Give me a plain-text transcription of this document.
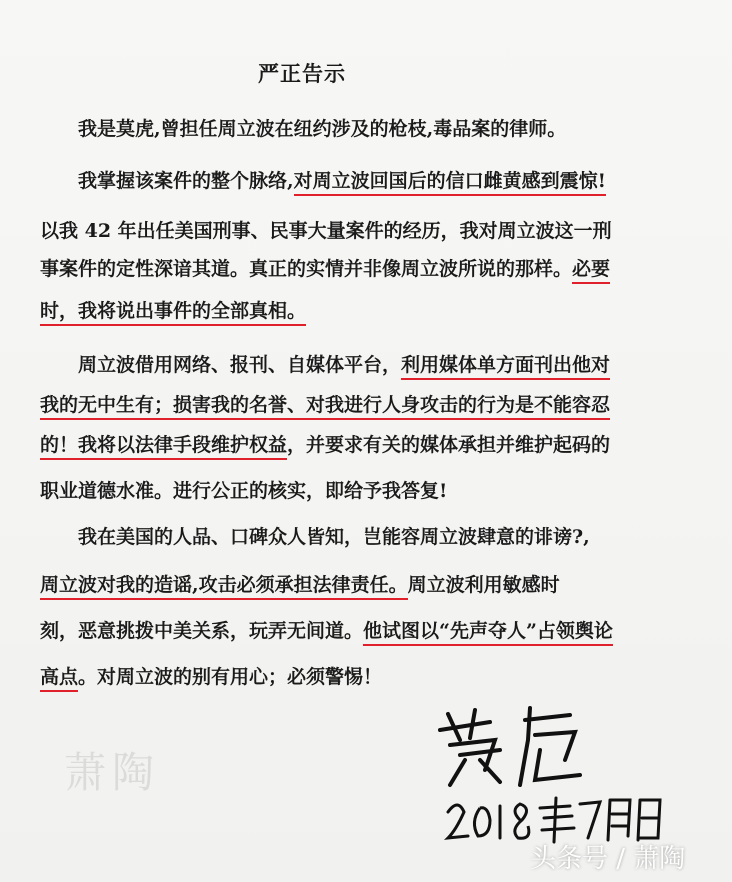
严正告示
我是莫虎,曾担任周立波在纽约涉及的枪枝,毒品案的律师。
我掌握该案件的整个脉络,对周立波回国后的信口雌黄感到震惊!
以我 42 年出任美国刑事、民事大量案件的经历，我对周立波这一刑
事案件的定性深谙其道。真正的实情并非像周立波所说的那样。必要
时，我将说出事件的全部真相。
周立波借用网络、报刊、自媒体平台，利用媒体单方面刊出他对
我的无中生有；损害我的名誉、对我进行人身攻击的行为是不能容忍
的！我将以法律手段维护权益，并要求有关的媒体承担并维护起码的
职业道德水准。进行公正的核实，即给予我答复!
我在美国的人品、口碑众人皆知，岂能容周立波肆意的诽谤?,
周立波对我的造谣,攻击必须承担法律责任。周立波利用敏感时
刻，恶意挑拨中美关系，玩弄无间道。他试图以“先声夺人”占领舆论
高点。对周立波的别有用心；必须警惕！
萧陶
头条号 / 萧陶
